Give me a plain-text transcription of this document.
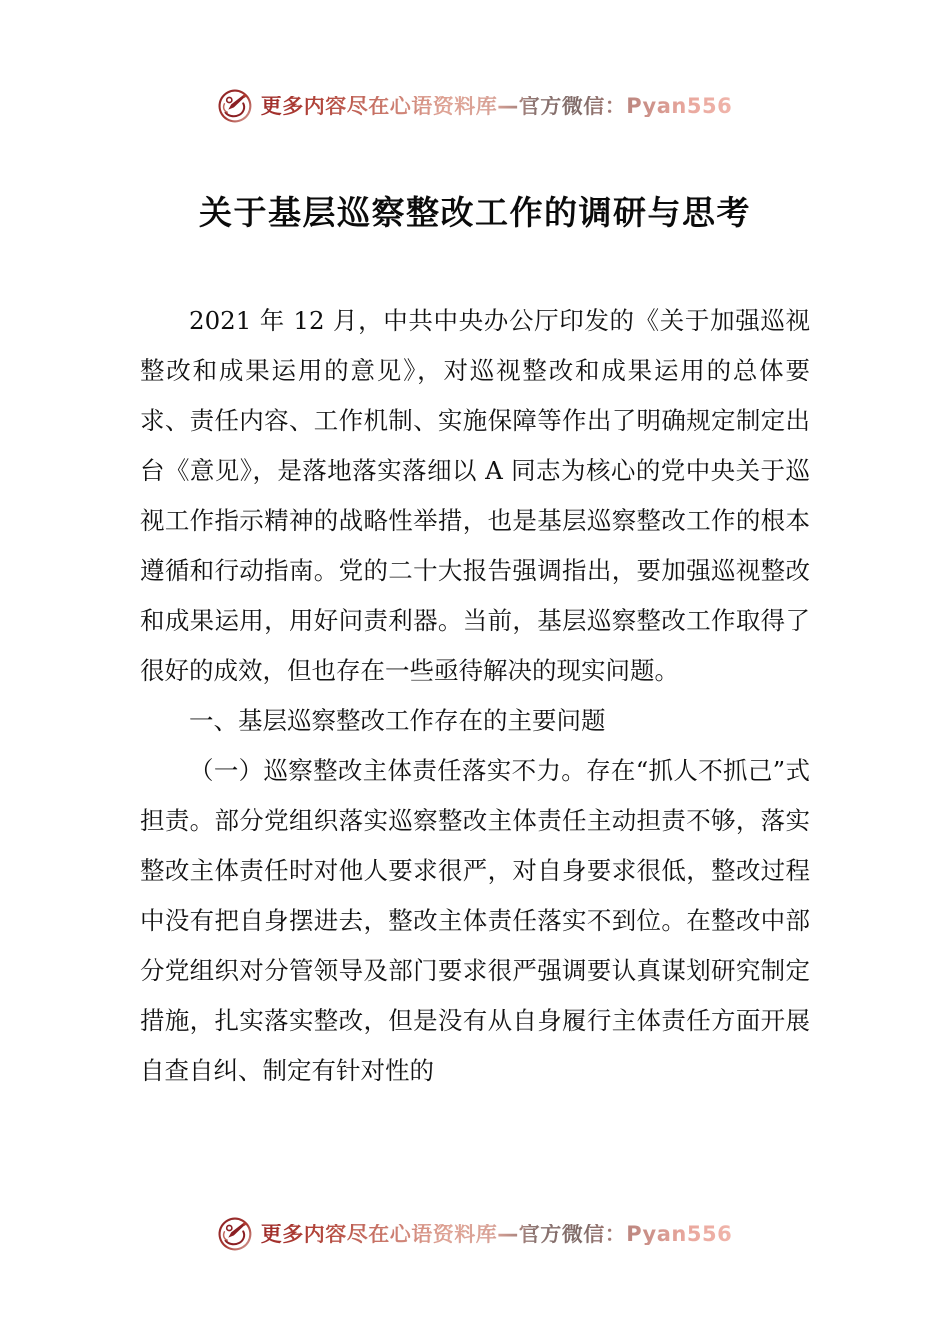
更多内容尽在心语资料库—官方微信：Pyan556
关于基层巡察整改工作的调研与思考

2021 年 12 月，中共中央办公厅印发的《关于加强巡视整改和成果运用的意见》，对巡视整改和成果运用的总体要求、责任内容、工作机制、实施保障等作出了明确规定制定出台《意见》，是落地落实落细以 A 同志为核心的党中央关于巡视工作指示精神的战略性举措，也是基层巡察整改工作的根本遵循和行动指南。党的二十大报告强调指出，要加强巡视整改和成果运用，用好问责利器。当前，基层巡察整改工作取得了很好的成效，但也存在一些亟待解决的现实问题。

一、基层巡察整改工作存在的主要问题

（一）巡察整改主体责任落实不力。存在“抓人不抓己”式担责。部分党组织落实巡察整改主体责任主动担责不够，落实整改主体责任时对他人要求很严，对自身要求很低，整改过程中没有把自身摆进去，整改主体责任落实不到位。在整改中部分党组织对分管领导及部门要求很严强调要认真谋划研究制定措施，扎实落实整改，但是没有从自身履行主体责任方面开展自查自纠、制定有针对性的

更多内容尽在心语资料库—官方微信：Pyan556
